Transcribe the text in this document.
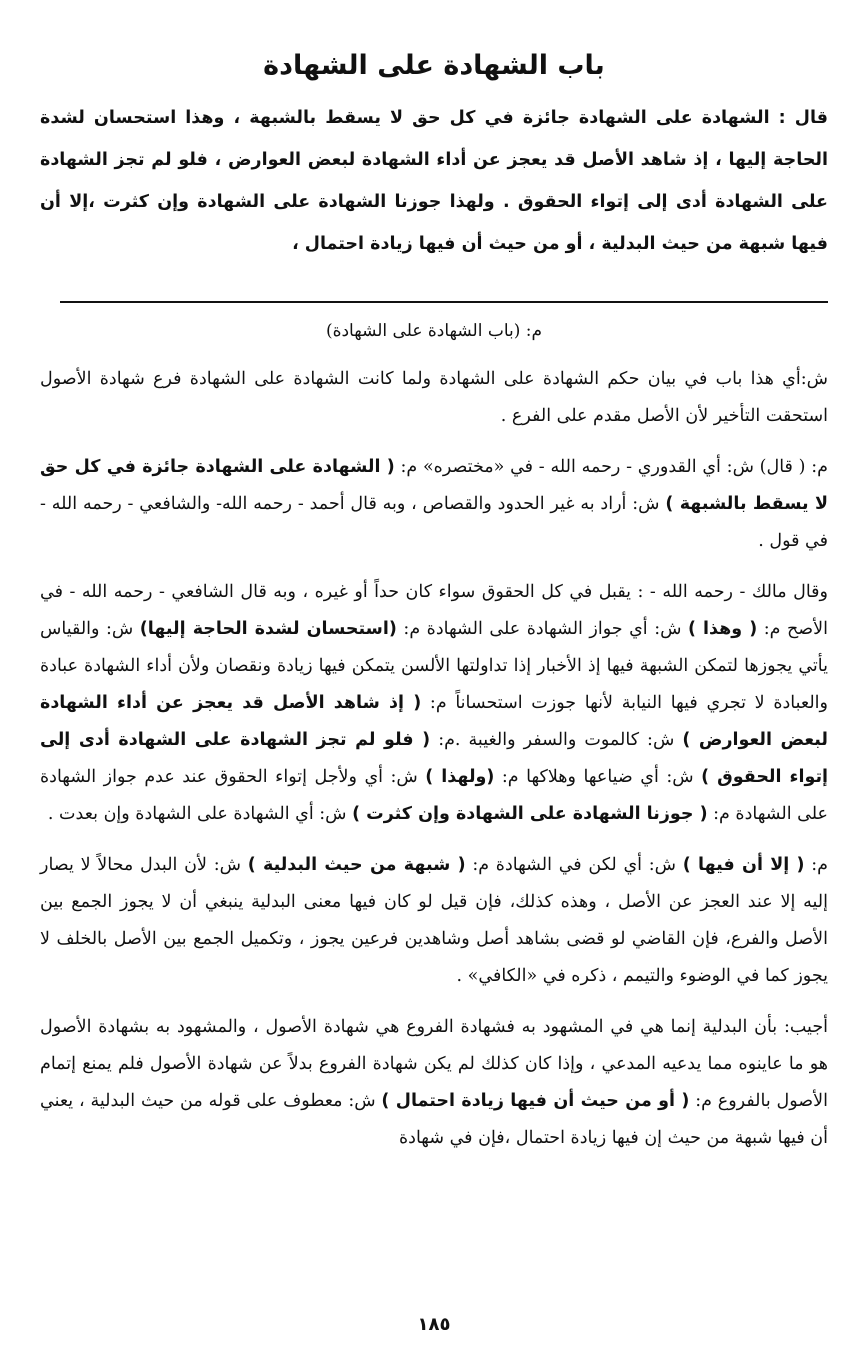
باب الشهادة على الشهادة

قال : الشهادة على الشهادة جائزة في كل حق لا يسقط بالشبهة ، وهذا استحسان لشدة الحاجة إليها ، إذ شاهد الأصل قد يعجز عن أداء الشهادة لبعض العوارض ، فلو لم تجز الشهادة على الشهادة أدى إلى إتواء الحقوق . ولهذا جوزنا الشهادة على الشهادة وإن كثرت ،إلا أن فيها شبهة من حيث البدلية ، أو من حيث أن فيها زيادة احتمال ،

م: (باب الشهادة على الشهادة)

ش:أي هذا باب في بيان حكم الشهادة على الشهادة ولما كانت الشهادة على الشهادة فرع شهادة الأصول استحقت التأخير لأن الأصل مقدم على الفرع .

م: ( قال) ش: أي القدوري - رحمه الله - في «مختصره» م: ( الشهادة على الشهادة جائزة في كل حق لا يسقط بالشبهة ) ش: أراد به غير الحدود والقصاص ، وبه قال أحمد - رحمه الله- والشافعي - رحمه الله - في قول .

وقال مالك - رحمه الله - : يقبل في كل الحقوق سواء كان حداً أو غيره ، وبه قال الشافعي - رحمه الله - في الأصح م: ( وهذا ) ش: أي جواز الشهادة على الشهادة م: (استحسان لشدة الحاجة إليها) ش: والقياس يأتي يجوزها لتمكن الشبهة فيها إذ الأخبار إذا تداولتها الألسن يتمكن فيها زيادة ونقصان ولأن أداء الشهادة عبادة والعبادة لا تجري فيها النيابة لأنها جوزت استحساناً م: ( إذ شاهد الأصل قد يعجز عن أداء الشهادة لبعض العوارض ) ش: كالموت والسفر والغيبة .م: ( فلو لم تجز الشهادة على الشهادة أدى إلى إتواء الحقوق ) ش: أي ضياعها وهلاكها م: (ولهذا ) ش: أي ولأجل إتواء الحقوق عند عدم جواز الشهادة على الشهادة م: ( جوزنا الشهادة على الشهادة وإن كثرت ) ش: أي الشهادة على الشهادة وإن بعدت .

م: ( إلا أن فيها ) ش: أي لكن في الشهادة م: ( شبهة من حيث البدلية ) ش: لأن البدل محالاً لا يصار إليه إلا عند العجز عن الأصل ، وهذه كذلك، فإن قيل لو كان فيها معنى البدلية ينبغي أن لا يجوز الجمع بين الأصل والفرع، فإن القاضي لو قضى بشاهد أصل وشاهدين فرعين يجوز ، وتكميل الجمع بين الأصل بالخلف لا يجوز كما في الوضوء والتيمم ، ذكره في «الكافي» .

أجيب: بأن البدلية إنما هي في المشهود به فشهادة الفروع هي شهادة الأصول ، والمشهود به بشهادة الأصول هو ما عاينوه مما يدعيه المدعي ، وإذا كان كذلك لم يكن شهادة الفروع بدلاً عن شهادة الأصول فلم يمنع إتمام الأصول بالفروع م: ( أو من حيث أن فيها زيادة احتمال ) ش: معطوف على قوله من حيث البدلية ، يعني أن فيها شبهة من حيث إن فيها زيادة احتمال ،فإن في شهادة

١٨٥
